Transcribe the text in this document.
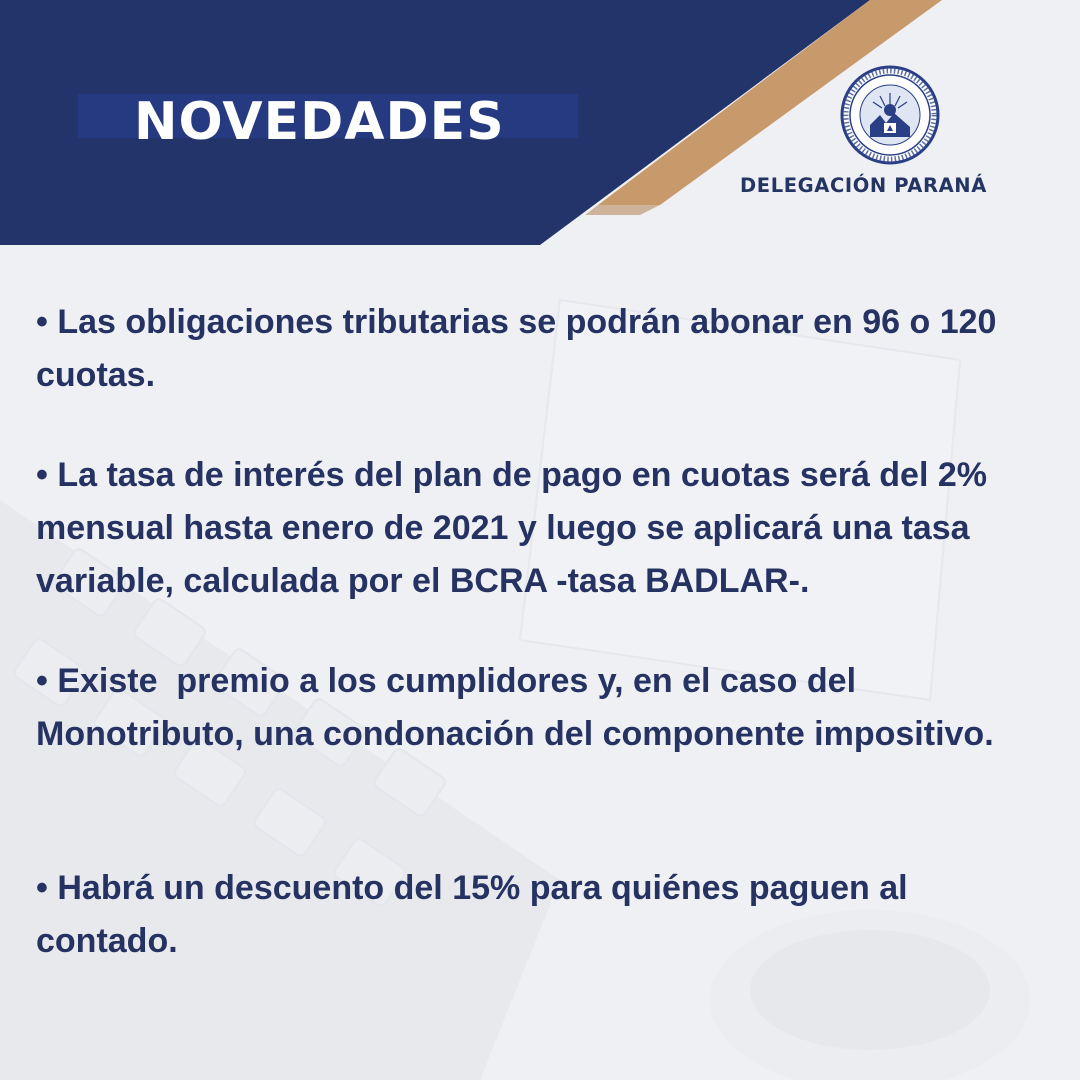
NOVEDADES
DELEGACIÓN PARANÁ

• Las obligaciones tributarias se podrán abonar en 96 o 120 cuotas.

• La tasa de interés del plan de pago en cuotas será del 2% mensual hasta enero de 2021 y luego se aplicará una tasa variable, calculada por el BCRA -tasa BADLAR-.

• Existe  premio a los cumplidores y, en el caso del Monotributo, una condonación del componente impositivo.

• Habrá un descuento del 15% para quiénes paguen al contado.
